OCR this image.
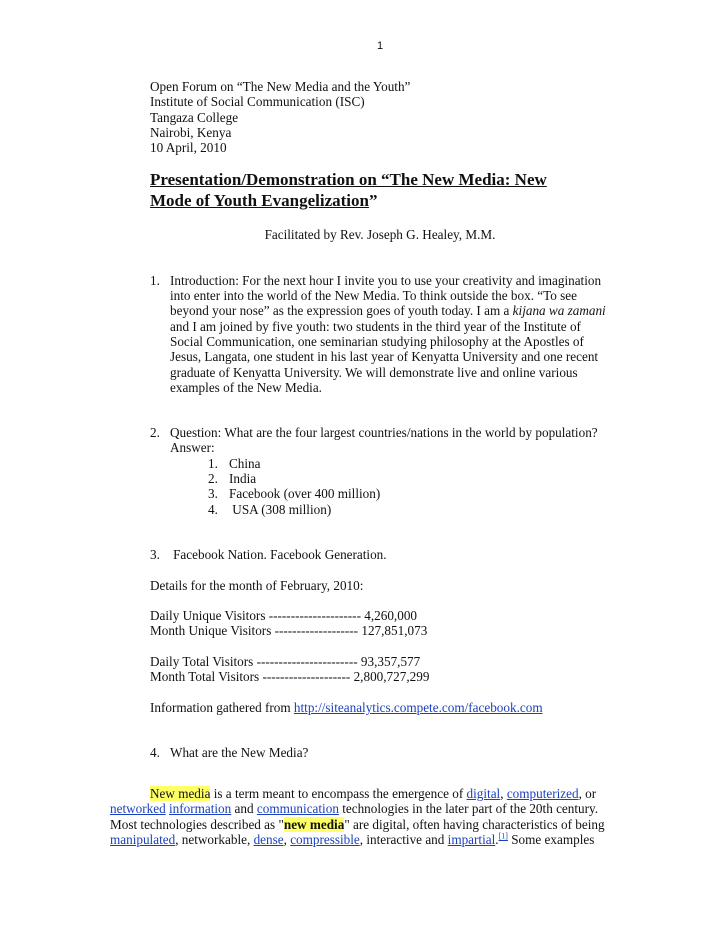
1
Open Forum on “The New Media and the Youth”
Institute of Social Communication (ISC)
Tangaza College
Nairobi, Kenya
10 April, 2010
Presentation/Demonstration on “The New Media: New
Mode of Youth Evangelization”
Facilitated by Rev. Joseph G. Healey, M.M.
1. Introduction: For the next hour I invite you to use your creativity and imagination
into enter into the world of the New Media. To think outside the box. “To see
beyond your nose” as the expression goes of youth today. I am a kijana wa zamani
and I am joined by five youth: two students in the third year of the Institute of
Social Communication, one seminarian studying philosophy at the Apostles of
Jesus, Langata, one student in his last year of Kenyatta University and one recent
graduate of Kenyatta University. We will demonstrate live and online various
examples of the New Media.
2. Question: What are the four largest countries/nations in the world by population?
Answer:
1. China
2. India
3. Facebook (over 400 million)
4. USA (308 million)
3.    Facebook Nation. Facebook Generation.
Details for the month of February, 2010:
Daily Unique Visitors --------------------- 4,260,000
Month Unique Visitors ------------------- 127,851,073
Daily Total Visitors ----------------------- 93,357,577
Month Total Visitors -------------------- 2,800,727,299
Information gathered from http://siteanalytics.compete.com/facebook.com
4. What are the New Media?
New media is a term meant to encompass the emergence of digital, computerized, or
networked information and communication technologies in the later part of the 20th century.
Most technologies described as "new media" are digital, often having characteristics of being
manipulated, networkable, dense, compressible, interactive and impartial.[1] Some examples
